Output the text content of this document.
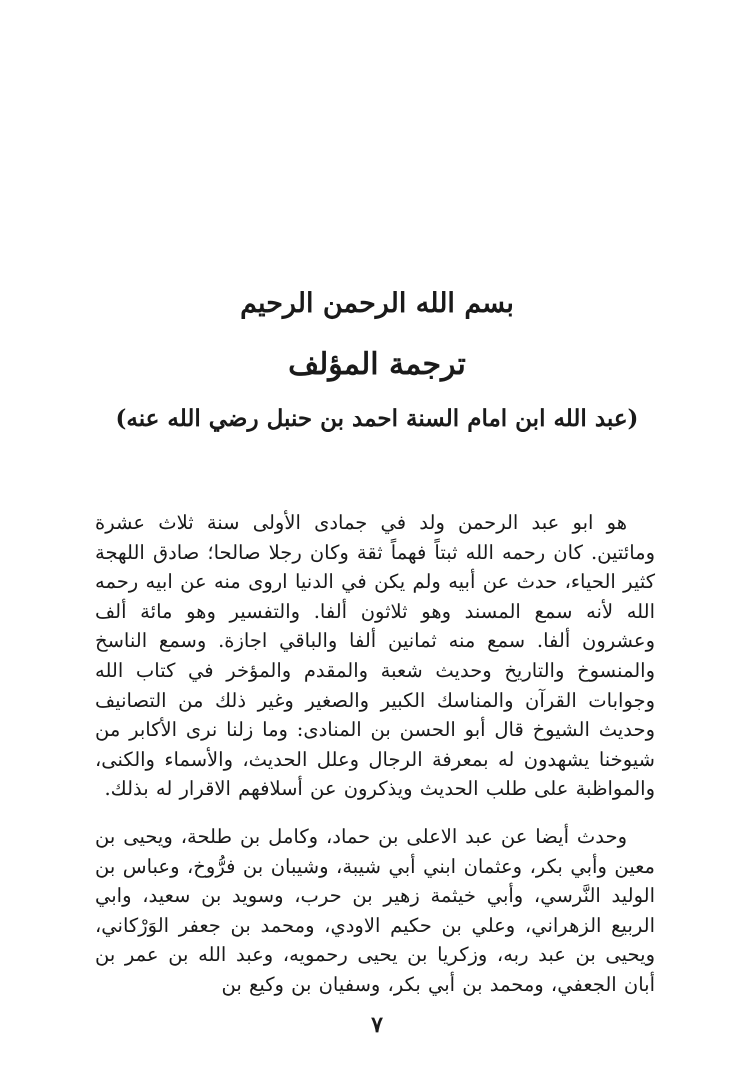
بسم الله الرحمن الرحيم

ترجمة المؤلف
(عبد الله ابن امام السنة احمد بن حنبل رضي الله عنه)

هو ابو عبد الرحمن ولد في جمادى الأولى سنة ثلاث عشرة ومائتين. كان رحمه الله ثبتاً فهماً ثقة وكان رجلا صالحا؛ صادق اللهجة كثير الحياء، حدث عن أبيه ولم يكن في الدنيا اروى منه عن ابيه رحمه الله لأنه سمع المسند وهو ثلاثون ألفا. والتفسير وهو مائة ألف وعشرون ألفا. سمع منه ثمانين ألفا والباقي اجازة. وسمع الناسخ والمنسوخ والتاريخ وحديث شعبة والمقدم والمؤخر في كتاب الله وجوابات القرآن والمناسك الكبير والصغير وغير ذلك من التصانيف وحديث الشيوخ قال أبو الحسن بن المنادى: وما زلنا نرى الأكابر من شيوخنا يشهدون له بمعرفة الرجال وعلل الحديث، والأسماء والكنى، والمواظبة على طلب الحديث ويذكرون عن أسلافهم الاقرار له بذلك.

وحدث أيضا عن عبد الاعلى بن حماد، وكامل بن طلحة، ويحيى بن معين وأبي بكر، وعثمان ابني أبي شيبة، وشيبان بن فرُّوخ، وعباس بن الوليد النَّرسي، وأبي خيثمة زهير بن حرب، وسويد بن سعيد، وابي الربيع الزهراني، وعلي بن حكيم الاودي، ومحمد بن جعفر الوَرْكاني، ويحيى بن عبد ربه، وزكريا بن يحيى رحمويه، وعبد الله بن عمر بن أبان الجعفي، ومحمد بن أبي بكر، وسفيان بن وكيع بن

٧
